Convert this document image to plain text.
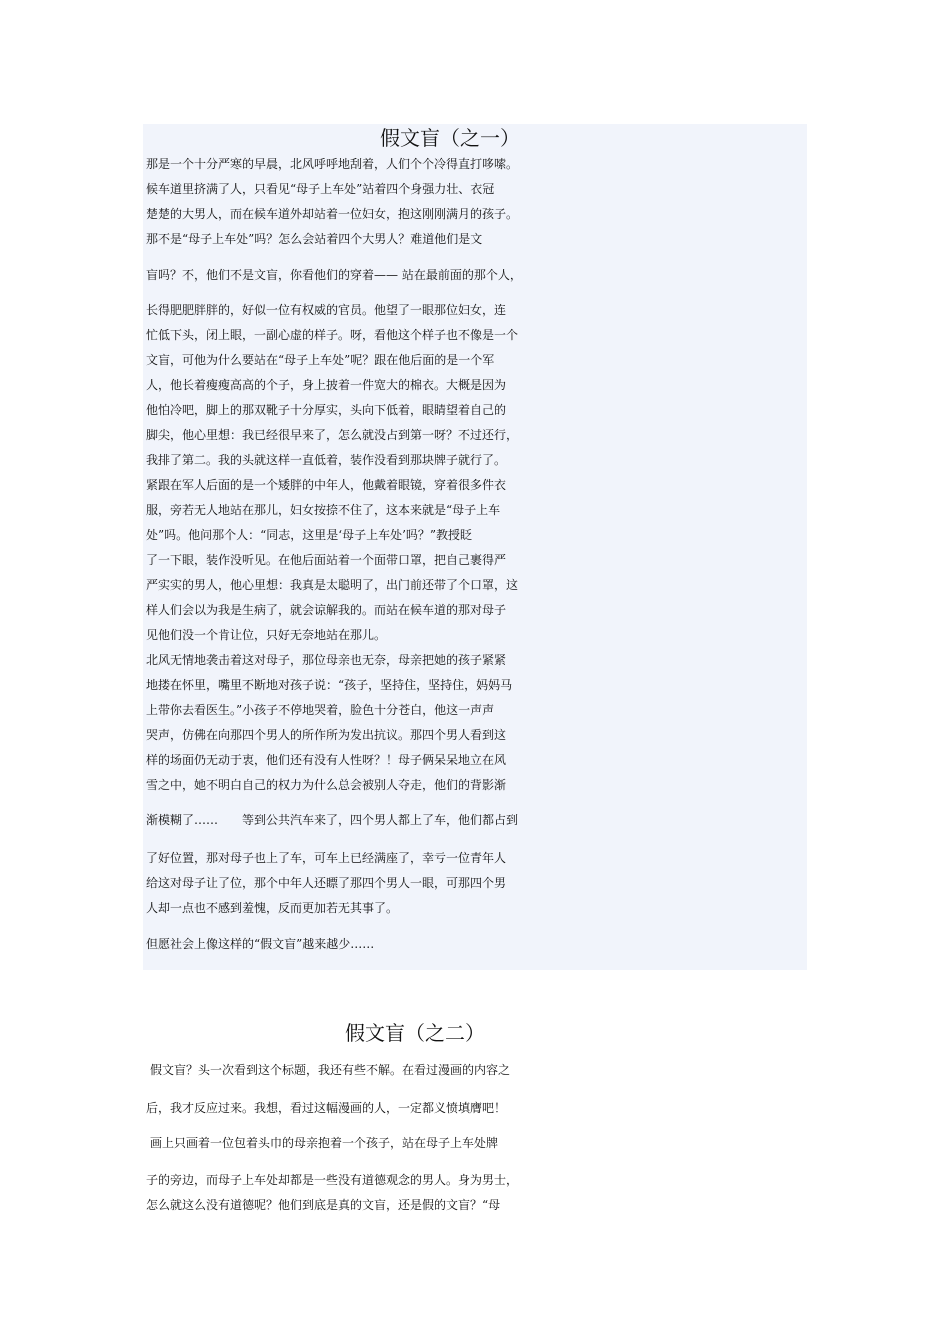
假文盲（之一）
那是一个十分严寒的早晨，北风呼呼地刮着，人们个个冷得直打哆嗦。
候车道里挤满了人，只看见“母子上车处”站着四个身强力壮、衣冠
楚楚的大男人，而在候车道外却站着一位妇女，抱这刚刚满月的孩子。
那不是“母子上车处”吗？怎么会站着四个大男人？难道他们是文
盲吗？不，他们不是文盲，你看他们的穿着—— 站在最前面的那个人，
长得肥肥胖胖的，好似一位有权威的官员。他望了一眼那位妇女，连
忙低下头，闭上眼，一副心虚的样子。呀，看他这个样子也不像是一个
文盲，可他为什么要站在“母子上车处”呢？跟在他后面的是一个军
人，他长着瘦瘦高高的个子，身上披着一件宽大的棉衣。大概是因为
他怕冷吧，脚上的那双靴子十分厚实，头向下低着，眼睛望着自己的
脚尖，他心里想：我已经很早来了，怎么就没占到第一呀？不过还行，
我排了第二。我的头就这样一直低着，装作没看到那块牌子就行了。
紧跟在军人后面的是一个矮胖的中年人，他戴着眼镜，穿着很多件衣
服，旁若无人地站在那儿，妇女按捺不住了，这本来就是“母子上车
处”吗。他问那个人：“同志，这里是‘母子上车处’吗？”教授眨
了一下眼，装作没听见。在他后面站着一个面带口罩，把自己裹得严
严实实的男人，他心里想：我真是太聪明了，出门前还带了个口罩，这
样人们会以为我是生病了，就会谅解我的。而站在候车道的那对母子
见他们没一个肯让位，只好无奈地站在那儿。
北风无情地袭击着这对母子，那位母亲也无奈，母亲把她的孩子紧紧
地搂在怀里，嘴里不断地对孩子说：“孩子，坚持住，坚持住，妈妈马
上带你去看医生。”小孩子不停地哭着，脸色十分苍白，他这一声声
哭声，仿佛在向那四个男人的所作所为发出抗议。那四个男人看到这
样的场面仍无动于衷，他们还有没有人性呀？！母子俩呆呆地立在风
雪之中，她不明白自己的权力为什么总会被别人夺走，他们的背影渐
渐模糊了……　　等到公共汽车来了，四个男人都上了车，他们都占到
了好位置，那对母子也上了车，可车上已经满座了，幸亏一位青年人
给这对母子让了位，那个中年人还瞟了那四个男人一眼，可那四个男
人却一点也不感到羞愧，反而更加若无其事了。
但愿社会上像这样的“假文盲”越来越少……
假文盲（之二）
假文盲？头一次看到这个标题，我还有些不解。在看过漫画的内容之
后，我才反应过来。我想，看过这幅漫画的人，一定都义愤填膺吧！
画上只画着一位包着头巾的母亲抱着一个孩子，站在母子上车处牌
子的旁边，而母子上车处却都是一些没有道德观念的男人。身为男士，
怎么就这么没有道德呢？他们到底是真的文盲，还是假的文盲？“母
